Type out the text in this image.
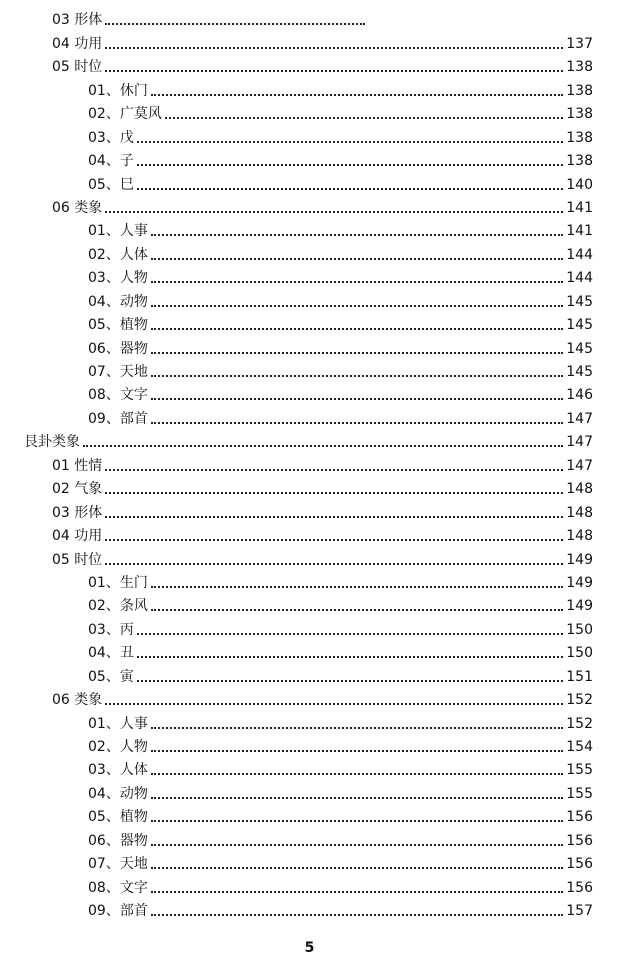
03 形体
04 功用	137
05 时位	138
01、休门	138
02、广莫风	138
03、戊	138
04、子	138
05、巳	140
06 类象	141
01、人事	141
02、人体	144
03、人物	144
04、动物	145
05、植物	145
06、器物	145
07、天地	145
08、文字	146
09、部首	147
艮卦类象	147
01 性情	147
02 气象	148
03 形体	148
04 功用	148
05 时位	149
01、生门	149
02、条风	149
03、丙	150
04、丑	150
05、寅	151
06 类象	152
01、人事	152
02、人物	154
03、人体	155
04、动物	155
05、植物	156
06、器物	156
07、天地	156
08、文字	156
09、部首	157
5
